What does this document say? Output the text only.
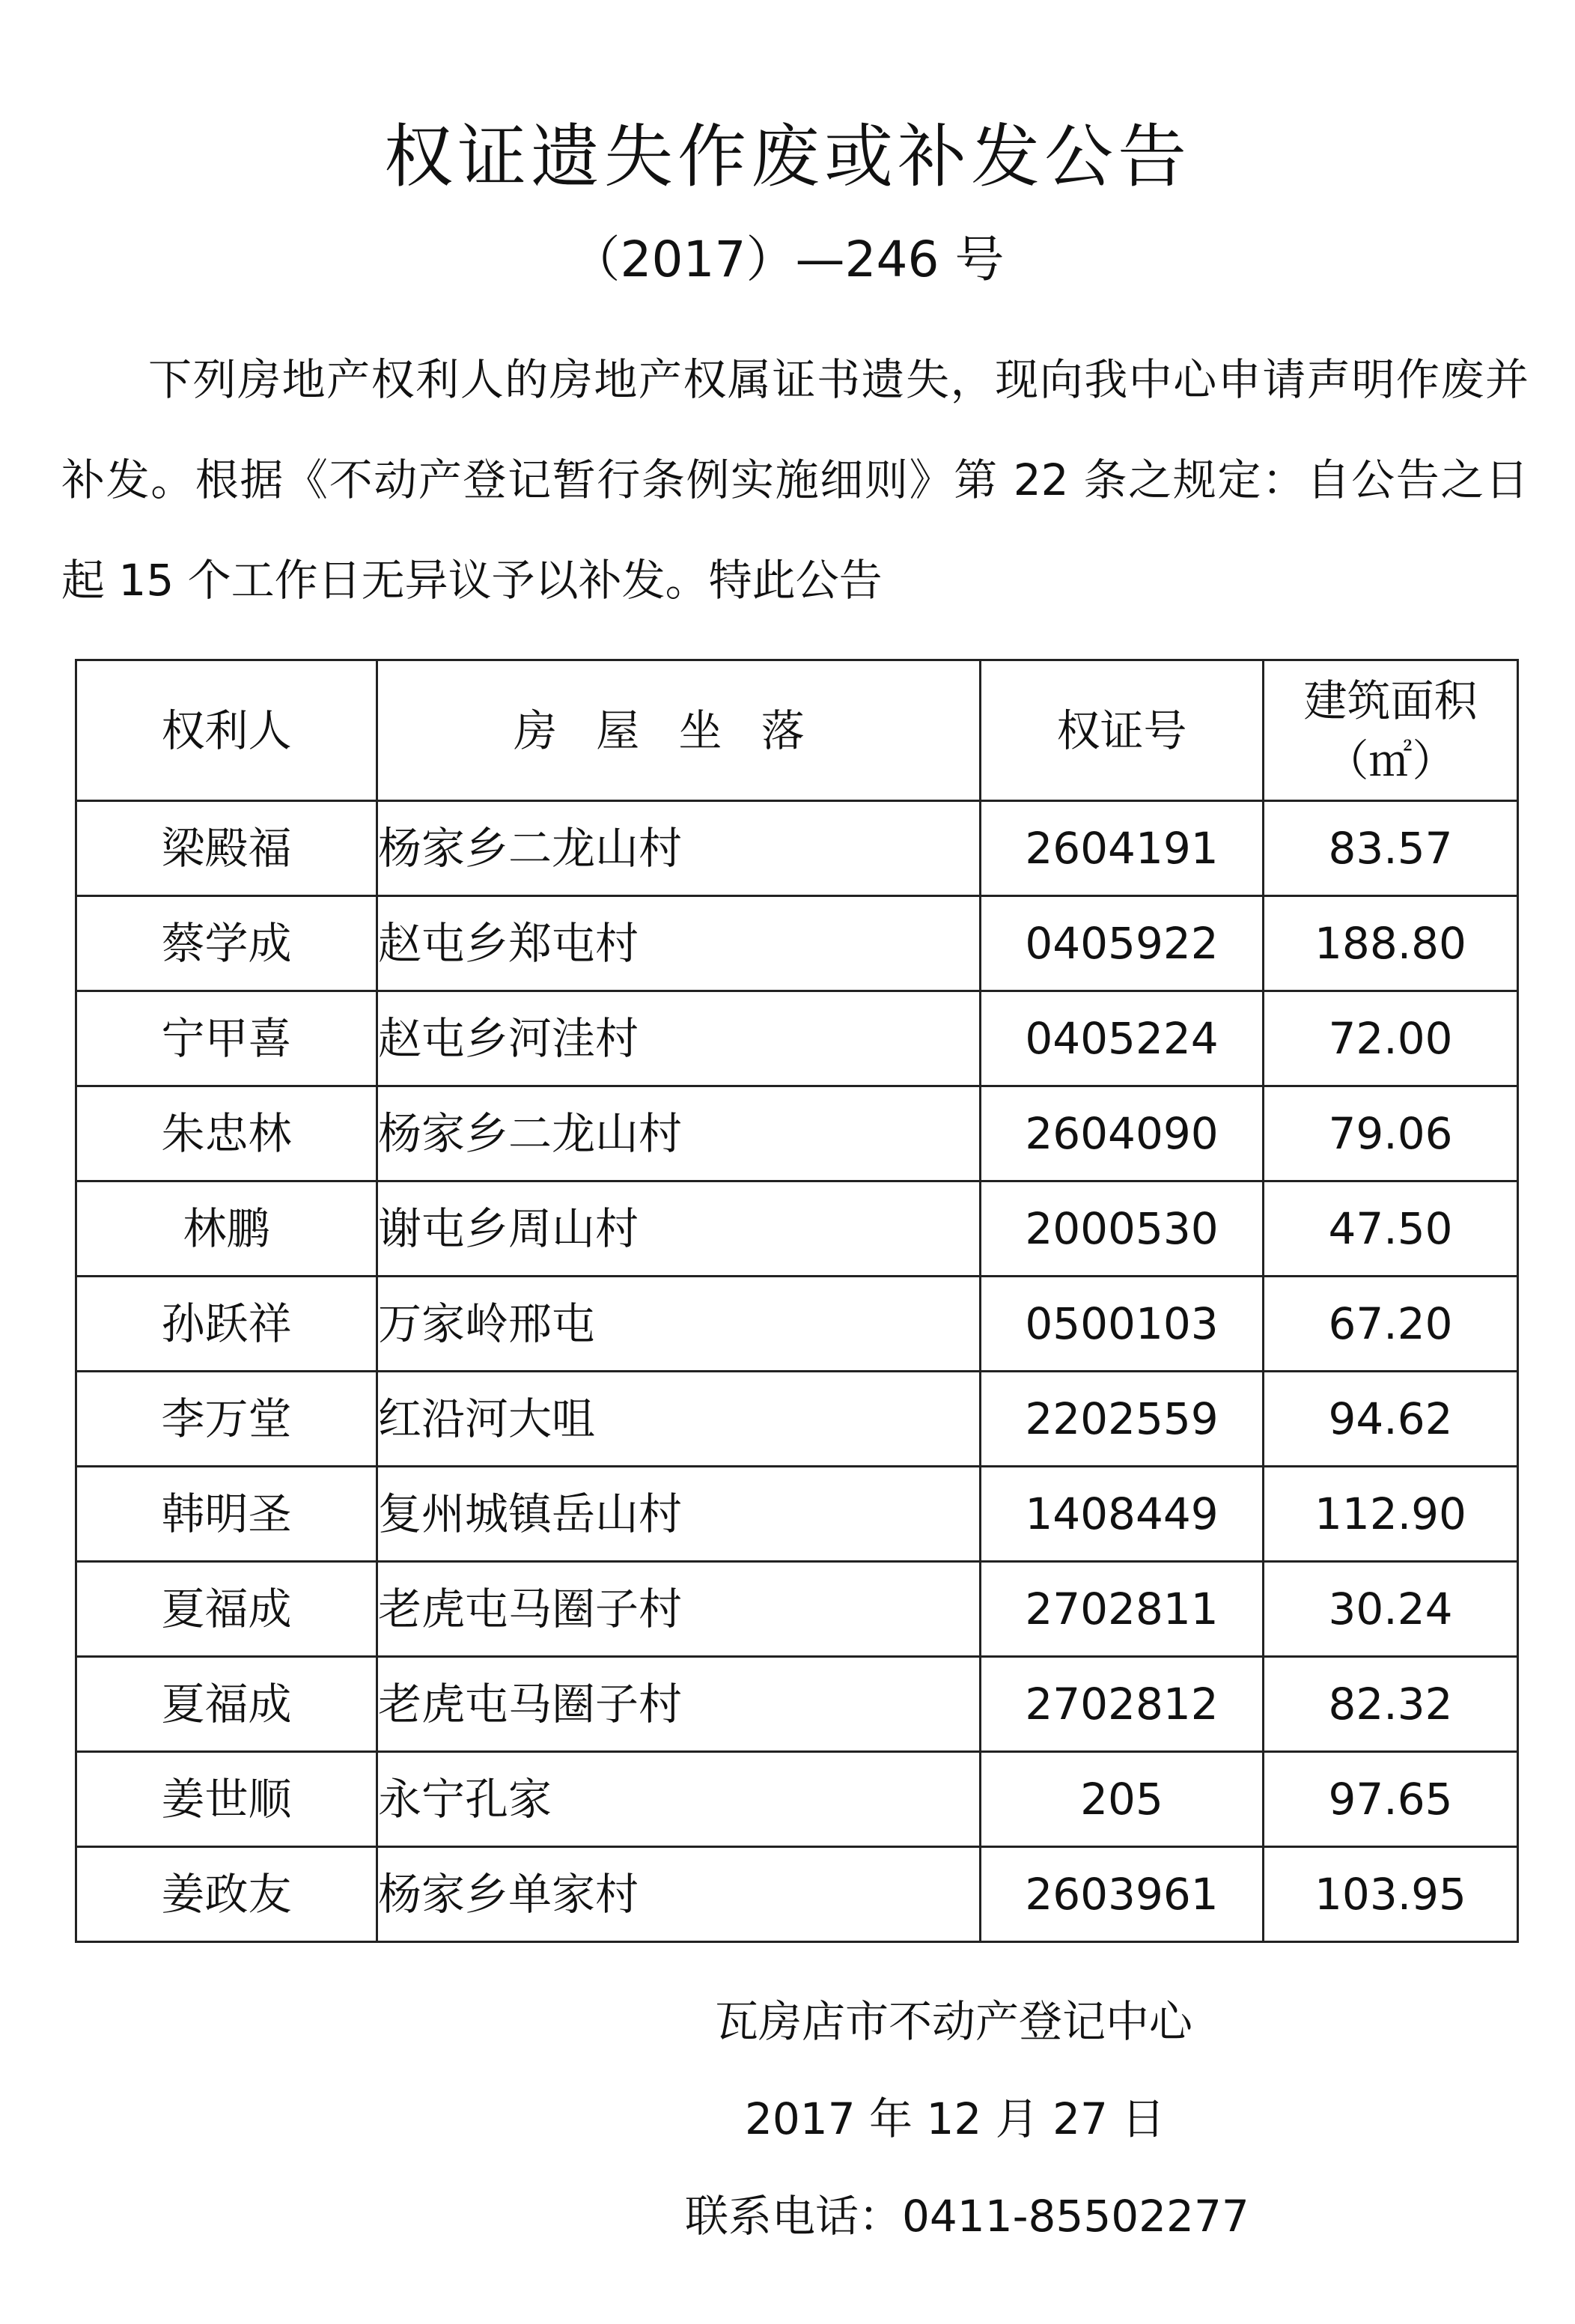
权证遗失作废或补发公告
（2017）—246 号
下列房地产权利人的房地产权属证书遗失，现向我中心申请声明作废并补发。根据《不动产登记暂行条例实施细则》第 22 条之规定：自公告之日起 15 个工作日无异议予以补发。特此公告
权利人	房屋坐落	权证号	建筑面积
（㎡）

梁殿福	杨家乡二龙山村	2604191	83.57
蔡学成	赵屯乡郑屯村	0405922	188.80
宁甲喜	赵屯乡河洼村	0405224	72.00
朱忠林	杨家乡二龙山村	2604090	79.06
林鹏	谢屯乡周山村	2000530	47.50
孙跃祥	万家岭邢屯	0500103	67.20
李万堂	红沿河大咀	2202559	94.62
韩明圣	复州城镇岳山村	1408449	112.90
夏福成	老虎屯马圈子村	2702811	30.24
夏福成	老虎屯马圈子村	2702812	82.32
姜世顺	永宁孔家	205	97.65
姜政友	杨家乡单家村	2603961	103.95
瓦房店市不动产登记中心
2017 年 12 月 27 日
联系电话：0411-85502277
